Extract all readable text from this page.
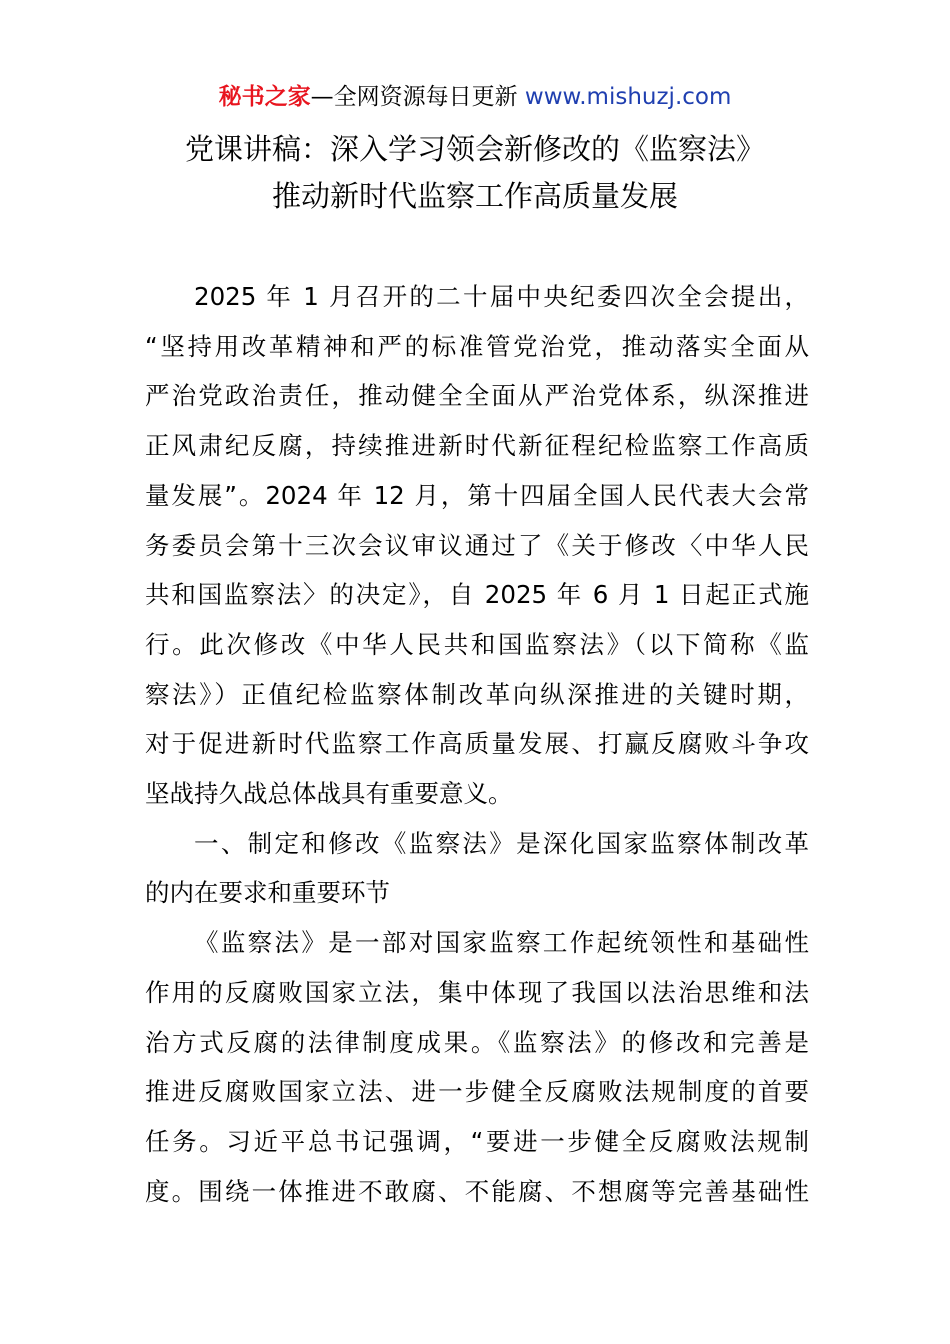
秘书之家—全网资源每日更新 www.mishuzj.com
党课讲稿：深入学习领会新修改的《监察法》
推动新时代监察工作高质量发展
2025 年 1 月召开的二十届中央纪委四次全会提出，
“坚持用改革精神和严的标准管党治党，推动落实全面从
严治党政治责任，推动健全全面从严治党体系，纵深推进
正风肃纪反腐，持续推进新时代新征程纪检监察工作高质
量发展”。2024 年 12 月，第十四届全国人民代表大会常
务委员会第十三次会议审议通过了《关于修改〈中华人民
共和国监察法〉的决定》，自 2025 年 6 月 1 日起正式施
行。此次修改《中华人民共和国监察法》（以下简称《监
察法》）正值纪检监察体制改革向纵深推进的关键时期，
对于促进新时代监察工作高质量发展、打赢反腐败斗争攻
坚战持久战总体战具有重要意义。
一、制定和修改《监察法》是深化国家监察体制改革
的内在要求和重要环节
《监察法》是一部对国家监察工作起统领性和基础性
作用的反腐败国家立法，集中体现了我国以法治思维和法
治方式反腐的法律制度成果。《监察法》的修改和完善是
推进反腐败国家立法、进一步健全反腐败法规制度的首要
任务。习近平总书记强调，“要进一步健全反腐败法规制
度。围绕一体推进不敢腐、不能腐、不想腐等完善基础性
